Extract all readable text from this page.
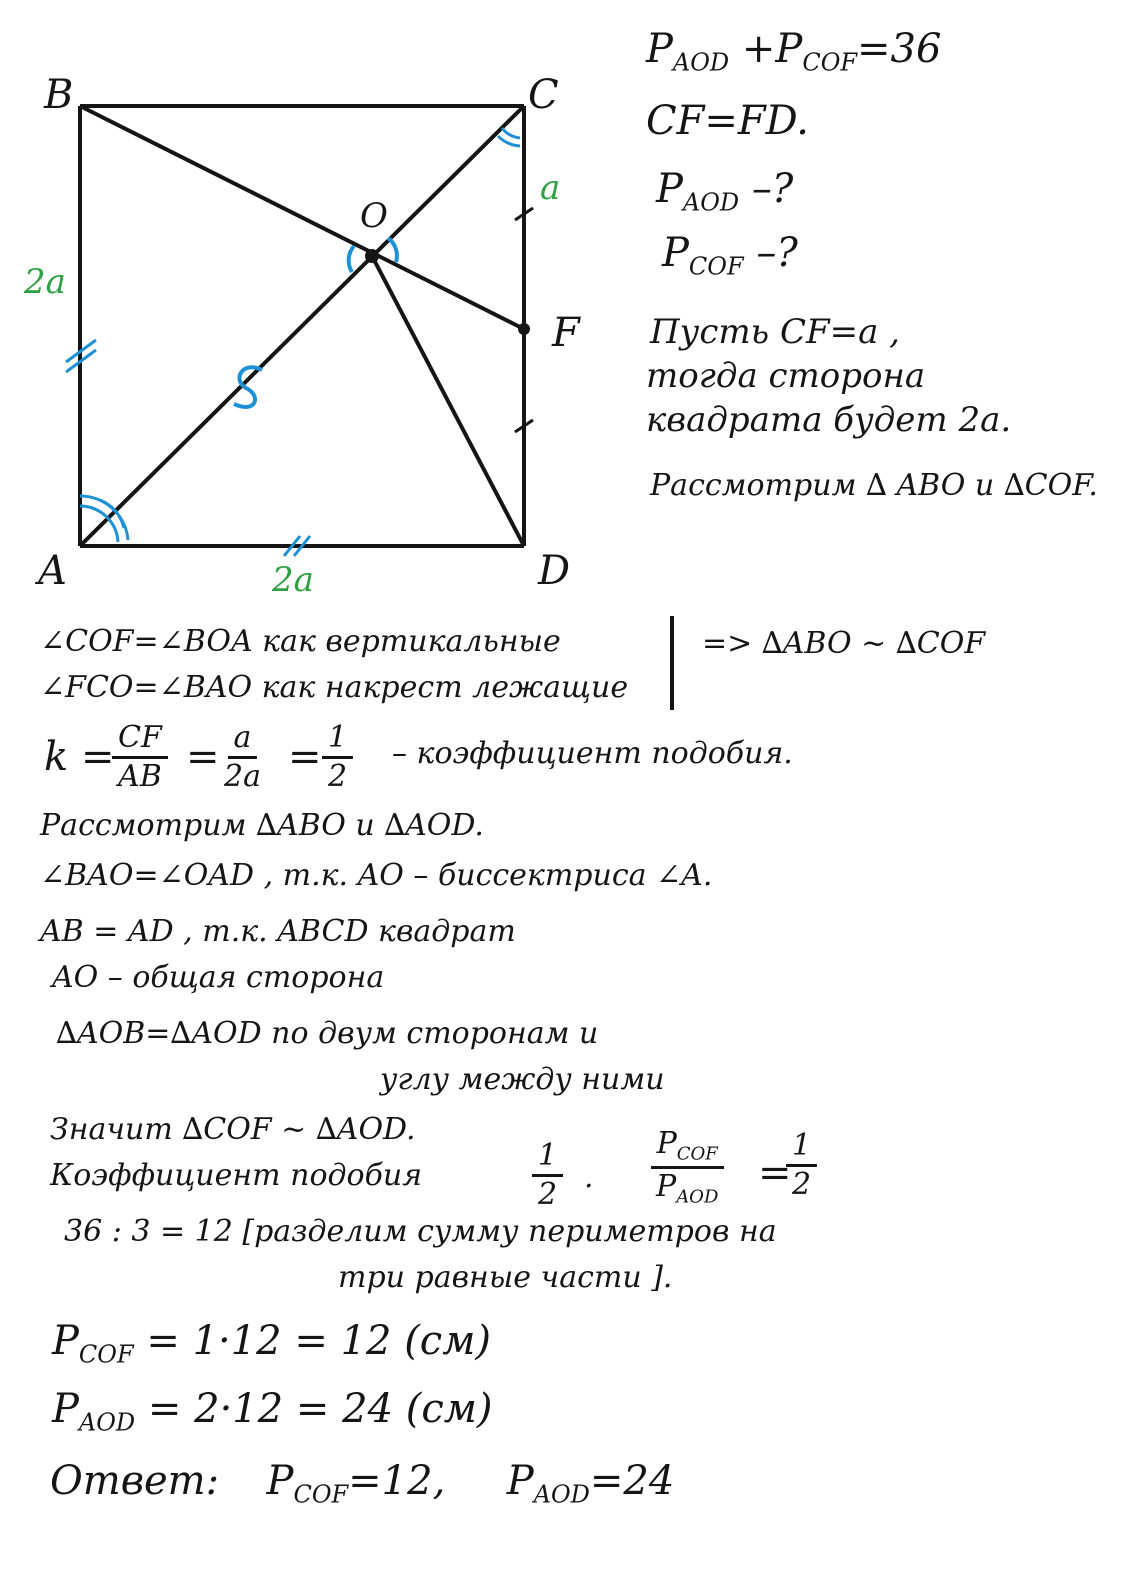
B	C
A	D
O
F
2a
2a
a
$P_{AOD} +P_{COF}=36$
CF=FD.
$P_{AOD}$ –?
$P_{COF}$ –?
Пусть CF=a ,
тогда сторона
квадрата будет 2a.
Рассмотрим ∆ ABO и ∆COF.
∠COF=∠BOA как вертикальные
∠FCO=∠BAO как накрест лежащие
=> ∆ABO ~ ∆COF
k =
$\frac{CF}{AB}$ =
$\frac{a}{2a} = \frac{1}{2}$ – коэффициент подобия.
Рассмотрим ∆ABO и ∆AOD.
∠BAO=∠OAD , т.к. AO – биссектриса ∠A.
AB = AD , т.к. ABCD квадрат
AO – общая сторона
∆AOB=∆AOD по двум сторонам и
углу между ними
Значит ∆COF ~ ∆AOD.
Коэффициент подобия	$\frac{1}{2}$ .
$P_{COF}$
$P_{AOD}$
=
$\frac{1}{2}$
36 : 3 = 12 [разделим сумму периметров на
три равные части ].
$P_{COF} = 1\cdot 12 = 12$ (см)
$P_{AOD} = 2\cdot 12 = 24$ (см)
Ответ: $P_{COF}=12$, $P_{AOD}=24$
